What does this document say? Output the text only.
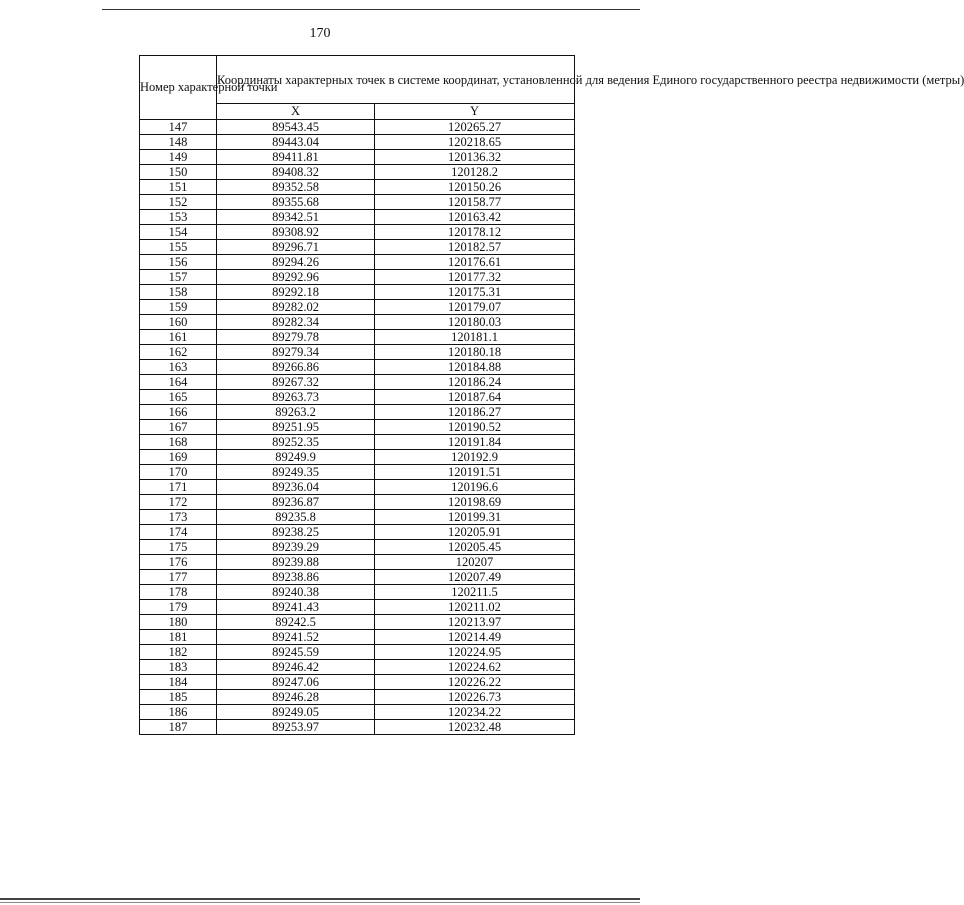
170
Номер характерной точки	Координаты характерных точек в системе координат, установленной для ведения Единого государственного реестра недвижимости (метры)	
	X	Y
147	89543.45	120265.27
148	89443.04	120218.65
149	89411.81	120136.32
150	89408.32	120128.2
151	89352.58	120150.26
152	89355.68	120158.77
153	89342.51	120163.42
154	89308.92	120178.12
155	89296.71	120182.57
156	89294.26	120176.61
157	89292.96	120177.32
158	89292.18	120175.31
159	89282.02	120179.07
160	89282.34	120180.03
161	89279.78	120181.1
162	89279.34	120180.18
163	89266.86	120184.88
164	89267.32	120186.24
165	89263.73	120187.64
166	89263.2	120186.27
167	89251.95	120190.52
168	89252.35	120191.84
169	89249.9	120192.9
170	89249.35	120191.51
171	89236.04	120196.6
172	89236.87	120198.69
173	89235.8	120199.31
174	89238.25	120205.91
175	89239.29	120205.45
176	89239.88	120207
177	89238.86	120207.49
178	89240.38	120211.5
179	89241.43	120211.02
180	89242.5	120213.97
181	89241.52	120214.49
182	89245.59	120224.95
183	89246.42	120224.62
184	89247.06	120226.22
185	89246.28	120226.73
186	89249.05	120234.22
187	89253.97	120232.48
